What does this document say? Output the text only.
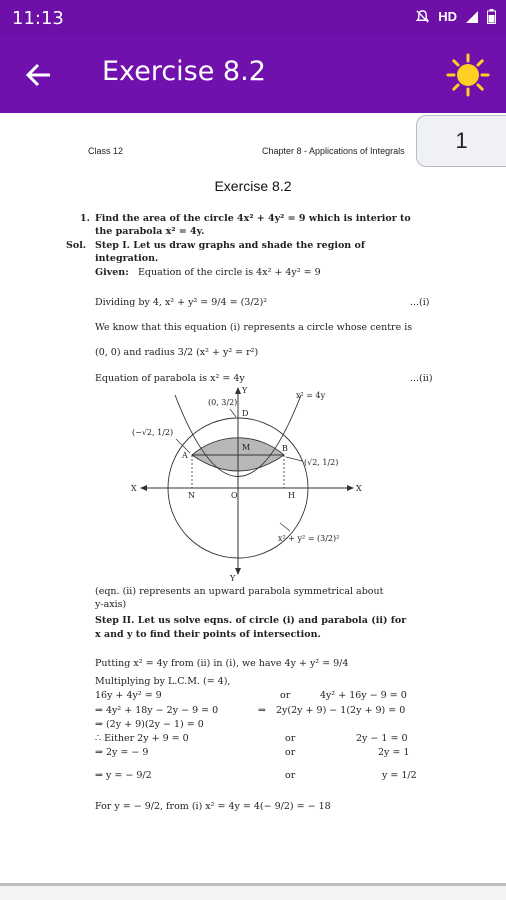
11:13	HD
Exercise 8.2
Class 12	Chapter 8 - Applications of Integrals	1
Exercise 8.2
1. Find the area of the circle 4x² + 4y² = 9 which is interior to
the parabola x² = 4y.
Sol. Step I. Let us draw graphs and shade the region of
integration.
Given: Equation of the circle is 4x² + 4y² = 9
Dividing by 4, x² + y² = 9/4 = (3/2)²	...(i)
We know that this equation (i) represents a circle whose centre is
(0, 0) and radius 3/2 (x² + y² = r²)
Equation of parabola is x² = 4y	...(ii)
(0, 3/2)
(−√2, 1/2)
(√2, 1/2)
x² = 4y
x² + y² = (3/2)²
X
X
Y
Y
D
M
A
B
N	O	H
(eqn. (ii) represents an upward parabola symmetrical about
y-axis)
Step II. Let us solve eqns. of circle (i) and parabola (ii) for
x and y to find their points of intersection.
Putting x² = 4y from (ii) in (i), we have 4y + y² = 9/4
Multiplying by L.C.M. (= 4),
16y + 4y² = 9	or	4y² + 16y − 9 = 0
⇒ 4y² + 18y − 2y − 9 = 0	⇒ 2y(2y + 9) − 1(2y + 9) = 0
⇒ (2y + 9)(2y − 1) = 0
∴ Either 2y + 9 = 0	or	2y − 1 = 0
⇒ 2y = − 9	or	2y = 1
⇒ y = − 9/2	or	y = 1/2
For y = − 9/2, from (i) x² = 4y = 4(− 9/2) = − 18
